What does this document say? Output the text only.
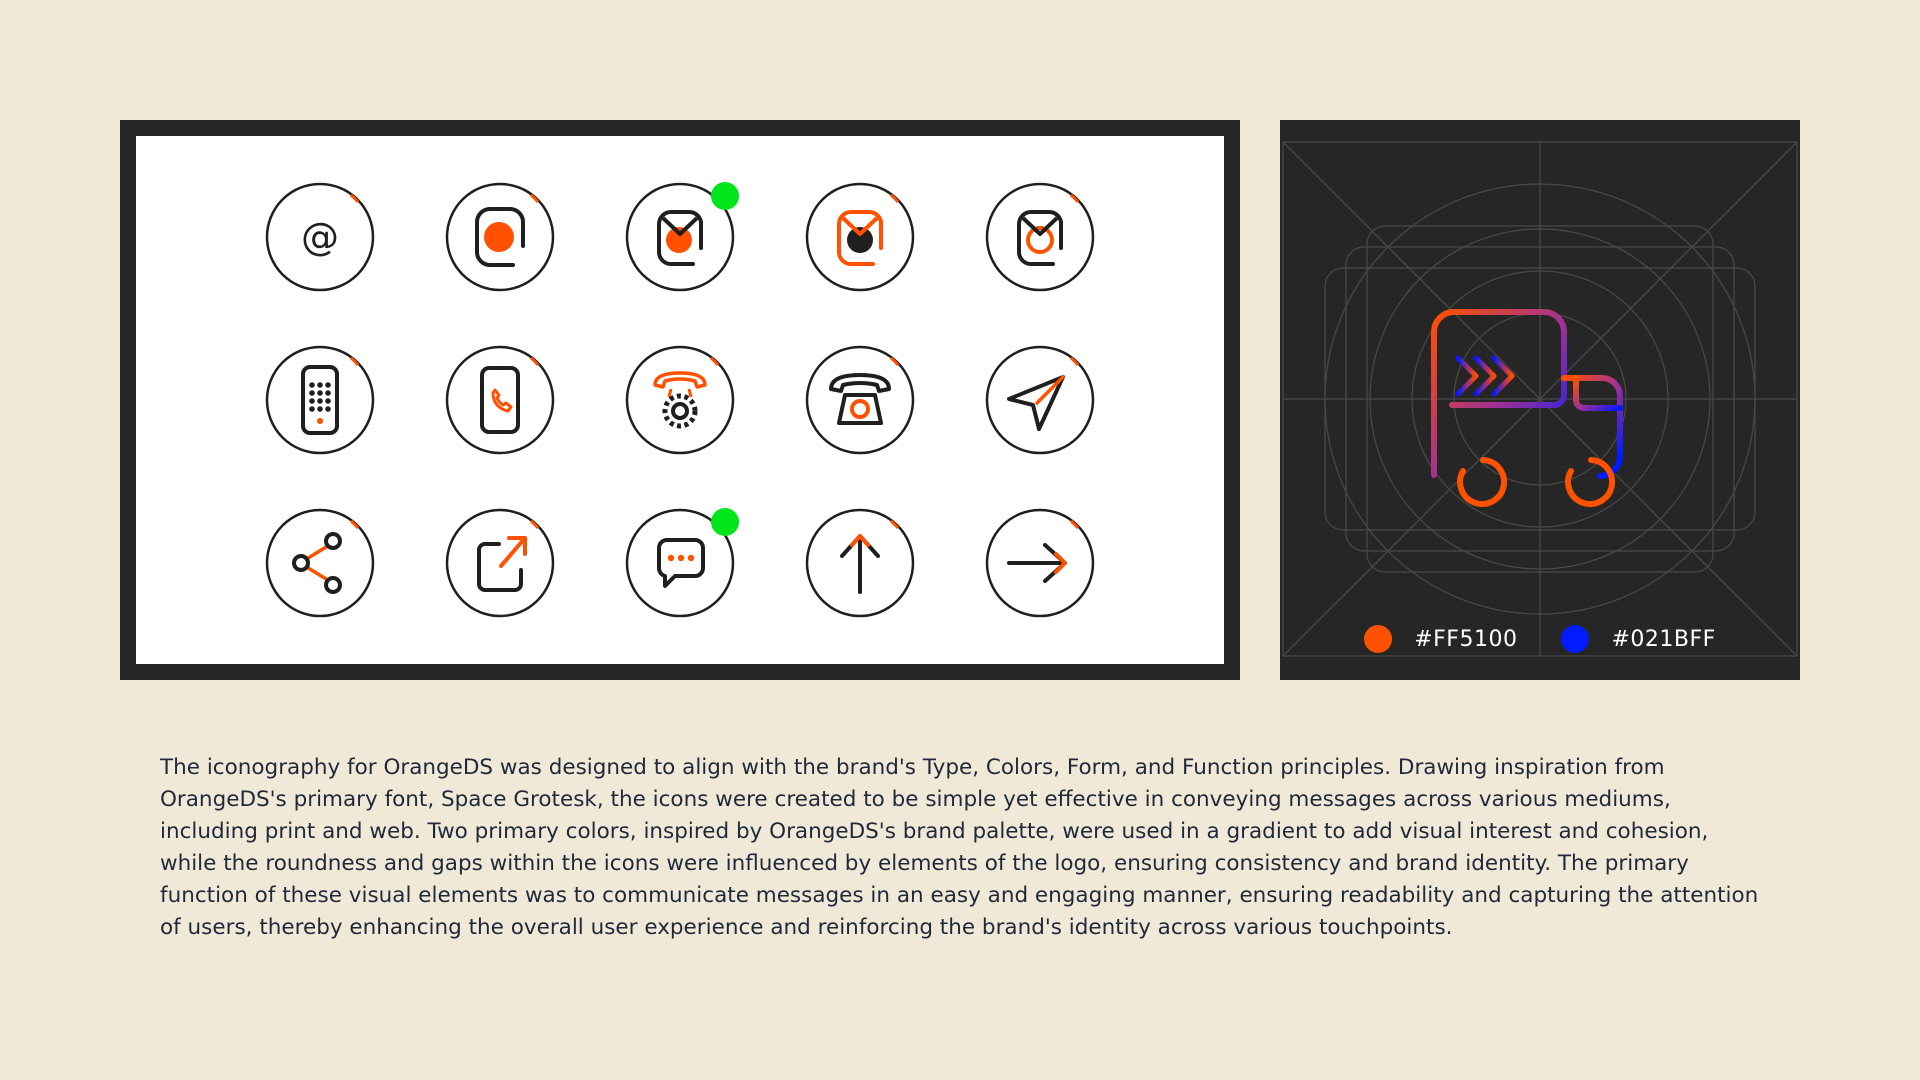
@
#FF5100	#021BFF

The iconography for OrangeDS was designed to align with the brand's Type, Colors, Form, and Function principles. Drawing inspiration from OrangeDS's primary font, Space Grotesk, the icons were created to be simple yet effective in conveying messages across various mediums, including print and web. Two primary colors, inspired by OrangeDS's brand palette, were used in a gradient to add visual interest and cohesion, while the roundness and gaps within the icons were influenced by elements of the logo, ensuring consistency and brand identity. The primary function of these visual elements was to communicate messages in an easy and engaging manner, ensuring readability and capturing the attention of users, thereby enhancing the overall user experience and reinforcing the brand's identity across various touchpoints.
